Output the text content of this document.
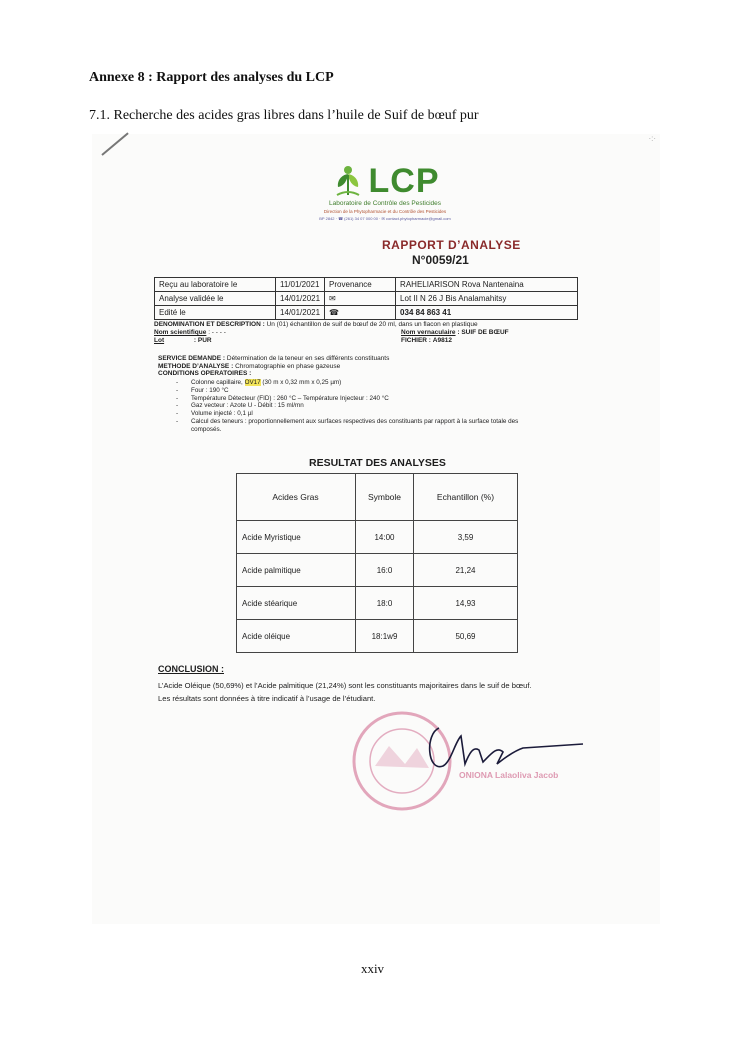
Annexe 8 : Rapport des analyses du LCP

7.1. Recherche des acides gras libres dans l’huile de Suif de bœuf pur

·:·
LCP
Laboratoire de Contrôle des Pesticides
Direction de la Phytopharmacie et du Contrôle des Pesticides
BP 2842 · ☎ (261) 34 07 000 00 · ✉ contact.phytopharmacie@gmail.com
RAPPORT D’ANALYSE
N°0059/21
Reçu au laboratoire le	11/01/2021	Provenance	RAHELIARISON Rova Nantenaina
Analyse validée le	14/01/2021	✉	Lot II N 26 J Bis Analamahitsy
Edité le	14/01/2021	☎	034 84 863 41
DENOMINATION ET DESCRIPTION : Un (01) échantillon de suif de bœuf de 20 ml, dans un flacon en plastique
Nom scientifique : - - - -
Lot	: PUR
Nom vernaculaire : SUIF DE BŒUF
FICHIER : A9812
SERVICE DEMANDE : Détermination de la teneur en ses différents constituants
METHODE D’ANALYSE : Chromatographie en phase gazeuse
CONDITIONS OPERATOIRES :
- Colonne capillaire, OV17 (30 m x 0,32 mm x 0,25 µm)
- Four : 190 °C
- Température Détecteur (FID) : 260 °C – Température Injecteur : 240 °C
- Gaz vecteur : Azote U - Débit : 15 ml/mn
- Volume injecté : 0,1 µl
- Calcul des teneurs : proportionnellement aux surfaces respectives des constituants par rapport à la surface totale des
composés.
RESULTAT DES ANALYSES
Acides Gras	Symbole	Echantillon (%)
Acide Myristique	14:00	3,59
Acide palmitique	16:0	21,24
Acide stéarique	18:0	14,93
Acide oléique	18:1w9	50,69
CONCLUSION :
L’Acide Oléique (50,69%) et l’Acide palmitique (21,24%) sont les constituants majoritaires dans le suif de bœuf.
Les résultats sont données à titre indicatif à l’usage de l’étudiant.
ONIONA Lalaoliva Jacob

xxiv
